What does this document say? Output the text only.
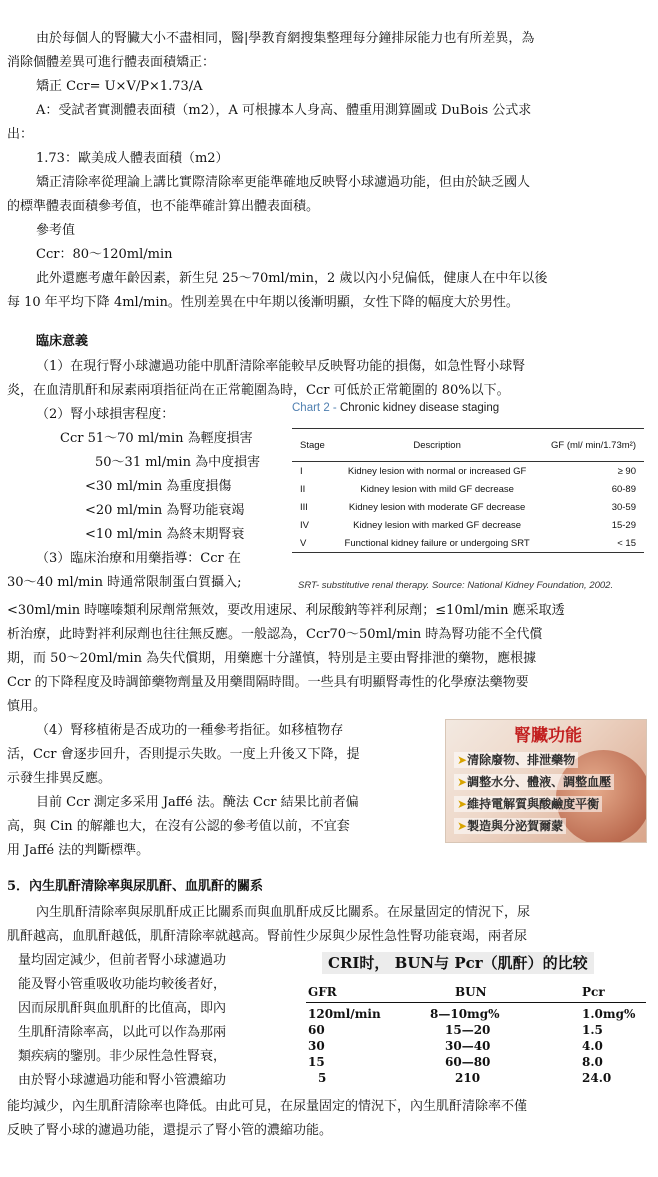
由於每個人的腎臟大小不盡相同，醫|學教育網搜集整理每分鐘排尿能力也有所差異，為

消除個體差異可進行體表面積矯正：

矯正 Ccr= U×V/P×1.73/A

A：受試者實測體表面積（m2），A 可根據本人身高、體重用測算圖或 DuBois 公式求

出：

1.73：歐美成人體表面積（m2）

矯正清除率從理論上講比實際清除率更能準確地反映腎小球濾過功能，但由於缺乏國人

的標準體表面積參考值，也不能準確計算出體表面積。

參考值

Ccr：80～120ml/min

此外還應考慮年齡因素，新生兒 25～70ml/min，2 歲以內小兒偏低，健康人在中年以後

每 10 年平均下降 4ml/min。性別差異在中年期以後漸明顯，女性下降的幅度大於男性。

臨床意義

（1）在現行腎小球濾過功能中肌酐清除率能較早反映腎功能的損傷，如急性腎小球腎

炎，在血清肌酐和尿素兩項指征尚在正常範圍為時，Ccr 可低於正常範圍的 80%以下。

（2）腎小球損害程度：

Ccr 51～70 ml/min 為輕度損害

50～31 ml/min 為中度損害

<30 ml/min 為重度損傷

<20 ml/min 為腎功能衰竭

<10 ml/min 為終末期腎衰

（3）臨床治療和用藥指導：Ccr 在

30～40 ml/min 時通常限制蛋白質攝入;

<30ml/min 時噻嗪類利尿劑常無效，要改用速尿、利尿酸鈉等袢利尿劑；≤10ml/min 應采取透

析治療，此時對袢利尿劑也往往無反應。一般認為，Ccr70～50ml/min 時為腎功能不全代償

期，而 50～20ml/min 為失代償期，用藥應十分謹慎，特別是主要由腎排泄的藥物，應根據

Ccr 的下降程度及時調節藥物劑量及用藥間隔時間。一些具有明顯腎毒性的化學療法藥物要

慎用。

（4）腎移植術是否成功的一種參考指征。如移植物存

活，Ccr 會逐步回升，否則提示失敗。一度上升後又下降，提

示發生排異反應。

目前 Ccr 測定多采用 Jaffé 法。醃法 Ccr 結果比前者偏

高，與 Cin 的解離也大，在沒有公認的參考值以前，不宜套

用 Jaffé 法的判斷標準。

Chart 2 - Chronic kidney disease staging
Stage	Description	GF (ml/ min/1.73m²)
I	Kidney lesion with normal or increased GF	≥ 90
II	Kidney lesion with mild GF decrease	60-89
III	Kidney lesion with moderate GF decrease	30-59
IV	Kidney lesion with marked GF decrease	15-29
V	Functional kidney failure or undergoing SRT	< 15
SRT- substitutive renal therapy. Source: National Kidney Foundation, 2002.
腎臟功能
➤清除廢物、排泄藥物
➤調整水分、體液、調整血壓
➤維持電解質與酸鹼度平衡
➤製造與分泌賀爾蒙

5．內生肌酐清除率與尿肌酐、血肌酐的關系

內生肌酐清除率與尿肌酐成正比關系而與血肌酐成反比關系。在尿量固定的情況下，尿

肌酐越高，血肌酐越低，肌酐清除率就越高。腎前性少尿與少尿性急性腎功能衰竭，兩者尿

量均固定減少，但前者腎小球濾過功

能及腎小管重吸收功能均較後者好，

因而尿肌酐與血肌酐的比值高，即內

生肌酐清除率高，以此可以作為那兩

類疾病的鑒別。非少尿性急性腎衰，

由於腎小球濾過功能和腎小管濃縮功

能均減少，內生肌酐清除率也降低。由此可見，在尿量固定的情況下，內生肌酐清除率不僅

反映了腎小球的濾過功能，還提示了腎小管的濃縮功能。

CRI时， BUN与 Pcr（肌酐）的比较
GFR	BUN	Pcr
120ml/min	8—10mg%	1.0mg%
60	15—20	1.5
30	30—40	4.0
15	60—80	8.0
5	210	24.0
